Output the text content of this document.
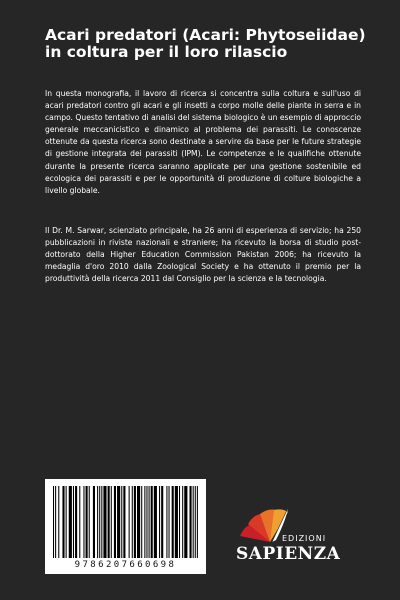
Acari predatori (Acari: Phytoseiidae) in coltura per il loro rilascio

In questa monografia, il lavoro di ricerca si concentra sulla coltura e sull'uso di acari predatori contro gli acari e gli insetti a corpo molle delle piante in serra e in campo. Questo tentativo di analisi del sistema biologico è un esempio di approccio generale meccanicistico e dinamico al problema dei parassiti. Le conoscenze ottenute da questa ricerca sono destinate a servire da base per le future strategie di gestione integrata dei parassiti (IPM). Le competenze e le qualifiche ottenute durante la presente ricerca saranno applicate per una gestione sostenibile ed ecologica dei parassiti e per le opportunità di produzione di colture biologiche a livello globale.

Il Dr. M. Sarwar, scienziato principale, ha 26 anni di esperienza di servizio; ha 250 pubblicazioni in riviste nazionali e straniere; ha ricevuto la borsa di studio post-dottorato della Higher Education Commission Pakistan 2006; ha ricevuto la medaglia d'oro 2010 dalla Zoological Society e ha ottenuto il premio per la produttività della ricerca 2011 dal Consiglio per la scienza e la tecnologia.

9786207660698
EDIZIONI
SAPIENZA
